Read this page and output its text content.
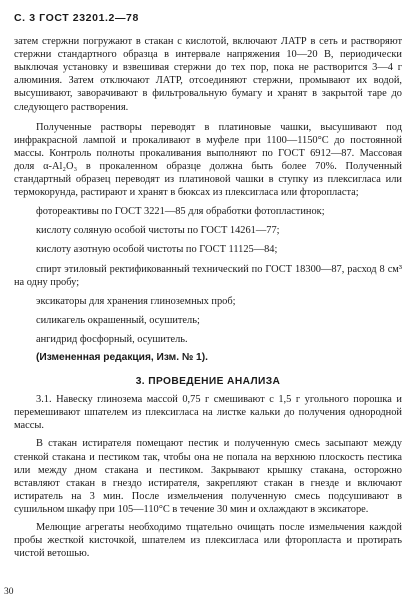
С. 3 ГОСТ 23201.2—78

затем стержни погружают в стакан с кислотой, включают ЛАТР в сеть и растворяют стержни стандартного образца в интервале напряжения 10—20 В, периодически выключая установку и взвешивая стержни до тех пор, пока не растворится 3—4 г алюминия. Затем отключают ЛАТР, отсоединяют стержни, промывают их водой, высушивают, заворачивают в фильтровальную бумагу и хранят в закрытой таре до следующего растворения.

Полученные растворы переводят в платиновые чашки, высушивают под инфракрасной лампой и прокаливают в муфеле при 1100—1150°С до постоянной массы. Контроль полноты прокаливания выполняют по ГОСТ 6912—87. Массовая доля α-Al₂O₃ в прокаленном образце должна быть более 70%. Полученный стандартный образец переводят из платиновой чашки в ступку из плексигласа или термокорунда, растирают и хранят в бюксах из плексигласа или фторопласта;

фотореактивы по ГОСТ 3221—85 для обработки фотопластинок;

кислоту соляную особой чистоты по ГОСТ 14261—77;

кислоту азотную особой чистоты по ГОСТ 11125—84;

спирт этиловый ректификованный технический по ГОСТ 18300—87, расход 8 см³ на одну пробу;

эксикаторы для хранения глиноземных проб;

силикагель окрашенный, осушитель;

ангидрид фосфорный, осушитель.

(Измененная редакция, Изм. № 1).

3. ПРОВЕДЕНИЕ АНАЛИЗА

3.1. Навеску глинозема массой 0,75 г смешивают с 1,5 г угольного порошка и перемешивают шпателем из плексигласа на листке кальки до получения однородной массы.

В стакан истирателя помещают пестик и полученную смесь засыпают между стенкой стакана и пестиком так, чтобы она не попала на верхнюю плоскость пестика или между дном стакана и пестиком. Закрывают крышку стакана, осторожно вставляют стакан в гнездо истирателя, закрепляют стакан в гнезде и включают истиратель на 3 мин. После измельчения полученную смесь подсушивают в сушильном шкафу при 105—110°С в течение 30 мин и охлаждают в эксикаторе.

Мелющие агрегаты необходимо тщательно очищать после измельчения каждой пробы жесткой кисточкой, шпателем из плексигласа или фторопласта и протирать чистой ветошью.

30
